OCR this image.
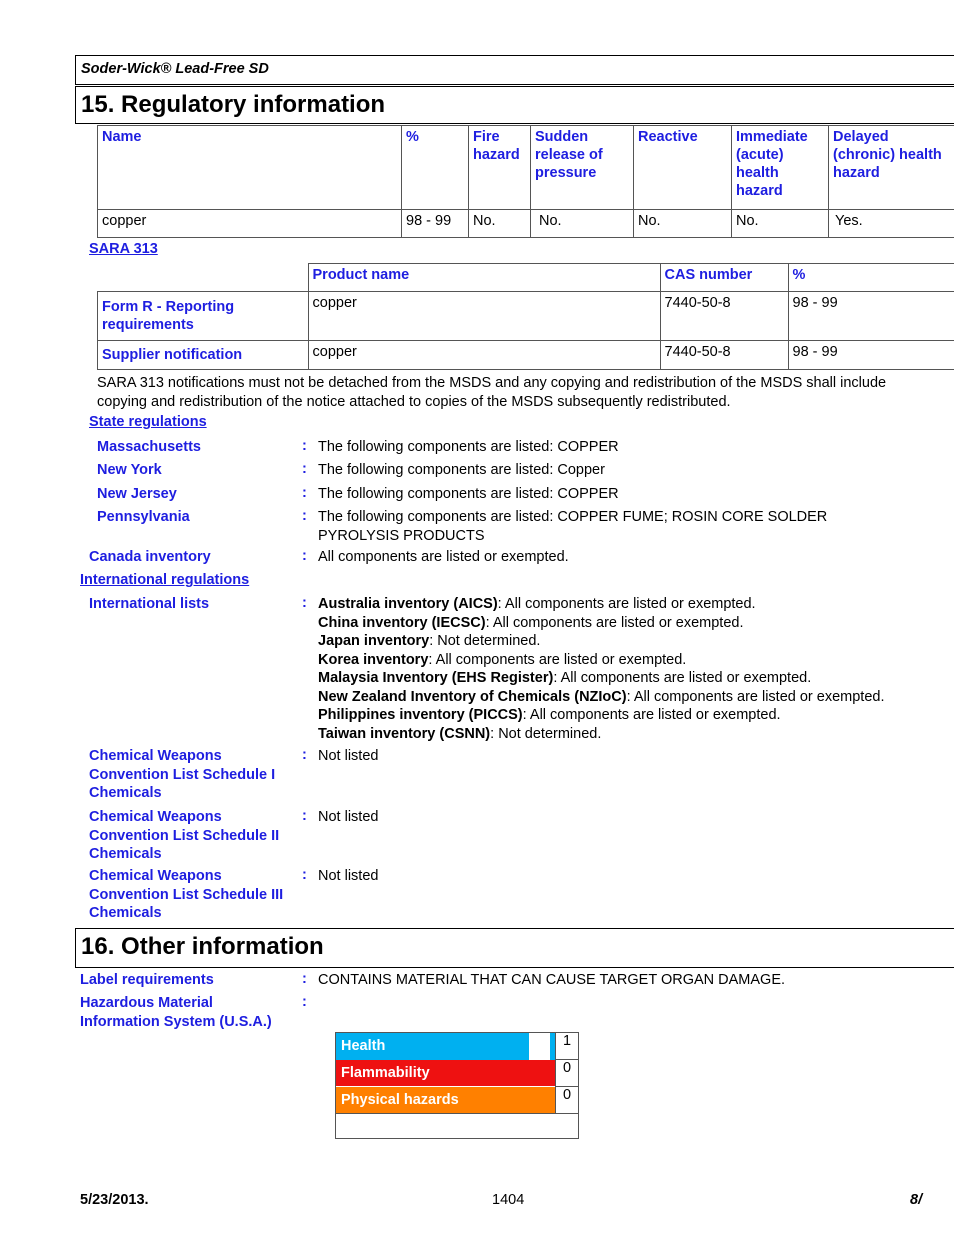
Soder-Wick® Lead-Free SD
15. Regulatory information
Name	%	Fire hazard	Sudden release of pressure	Reactive	Immediate (acute) health hazard	Delayed (chronic) health hazard
copper	98 - 99	No.	No.	No.	No.	Yes.
SARA 313
	Product name	CAS number	%
Form R - Reporting requirements	copper	7440-50-8	98 - 99
Supplier notification	copper	7440-50-8	98 - 99
SARA 313 notifications must not be detached from the MSDS and any copying and redistribution of the MSDS shall include copying and redistribution of the notice attached to copies of the MSDS subsequently redistributed.
State regulations
Massachusetts	: The following components are listed: COPPER
New York	: The following components are listed: Copper
New Jersey	: The following components are listed: COPPER
Pennsylvania	: The following components are listed: COPPER FUME; ROSIN CORE SOLDER PYROLYSIS PRODUCTS
Canada inventory	: All components are listed or exempted.
International regulations
International lists	: Australia inventory (AICS): All components are listed or exempted.
China inventory (IECSC): All components are listed or exempted.
Japan inventory: Not determined.
Korea inventory: All components are listed or exempted.
Malaysia Inventory (EHS Register): All components are listed or exempted.
New Zealand Inventory of Chemicals (NZIoC): All components are listed or exempted.
Philippines inventory (PICCS): All components are listed or exempted.
Taiwan inventory (CSNN): Not determined.
Chemical Weapons Convention List Schedule I Chemicals
: Not listed
Chemical Weapons Convention List Schedule II Chemicals
: Not listed
Chemical Weapons Convention List Schedule III Chemicals
: Not listed
16. Other information
Label requirements	: CONTAINS MATERIAL THAT CAN CAUSE TARGET ORGAN DAMAGE.
Hazardous Material Information System (U.S.A.)
:
Health	1
Flammability	0
Physical hazards	0
5/23/2013.	1404	8/
